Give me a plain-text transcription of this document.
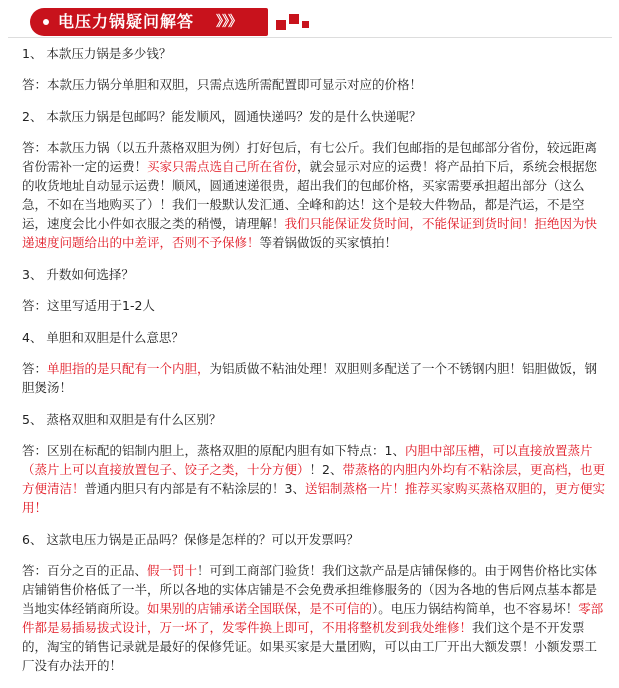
电压力锅疑问解答 》》》

1、 本款压力锅是多少钱？

答：本款压力锅分单胆和双胆，只需点选所需配置即可显示对应的价格！

2、 本款压力锅是包邮吗？能发顺风，圆通快递吗？发的是什么快递呢？

答：本款压力锅（以五升蒸格双胆为例）打好包后，有七公斤。我们包邮指的是包邮部分省份，较远距离省份需补一定的运费！买家只需点选自己所在省份，就会显示对应的运费！将产品拍下后，系统会根据您的收货地址自动显示运费！顺风，圆通速递很贵，超出我们的包邮价格，买家需要承担超出部分（这么急，不如在当地购买了）！我们一般默认发汇通、全峰和韵达！这个是较大件物品，都是汽运，不是空运，速度会比小件如衣服之类的稍慢，请理解！我们只能保证发货时间，不能保证到货时间！拒绝因为快递速度问题给出的中差评，否则不予保修！等着锅做饭的买家慎拍！

3、 升数如何选择？

答：这里写适用于1-2人

4、 单胆和双胆是什么意思？

答：单胆指的是只配有一个内胆，为铝质做不粘油处理！双胆则多配送了一个不锈钢内胆！铝胆做饭，钢胆煲汤！

5、 蒸格双胆和双胆是有什么区别？

答：区别在标配的铝制内胆上，蒸格双胆的原配内胆有如下特点：1、内胆中部压槽，可以直接放置蒸片（蒸片上可以直接放置包子、饺子之类，十分方便）！2、带蒸格的内胆内外均有不粘涂层，更高档，也更方便清洁！普通内胆只有内部是有不粘涂层的！3、送铝制蒸格一片！推荐买家购买蒸格双胆的，更方便实用！

6、 这款电压力锅是正品吗？保修是怎样的？可以开发票吗？

答：百分之百的正品、假一罚十！可到工商部门验货！我们这款产品是店铺保修的。由于网售价格比实体店铺销售价格低了一半，所以各地的实体店铺是不会免费承担维修服务的（因为各地的售后网点基本都是当地实体经销商所设。如果别的店铺承诺全国联保，是不可信的）。电压力锅结构简单，也不容易坏！零部件都是易插易拔式设计，万一坏了，发零件换上即可，不用将整机发到我处维修！我们这个是不开发票的，淘宝的销售记录就是最好的保修凭证。如果买家是大量团购，可以由工厂开出大额发票！小额发票工厂没有办法开的！
